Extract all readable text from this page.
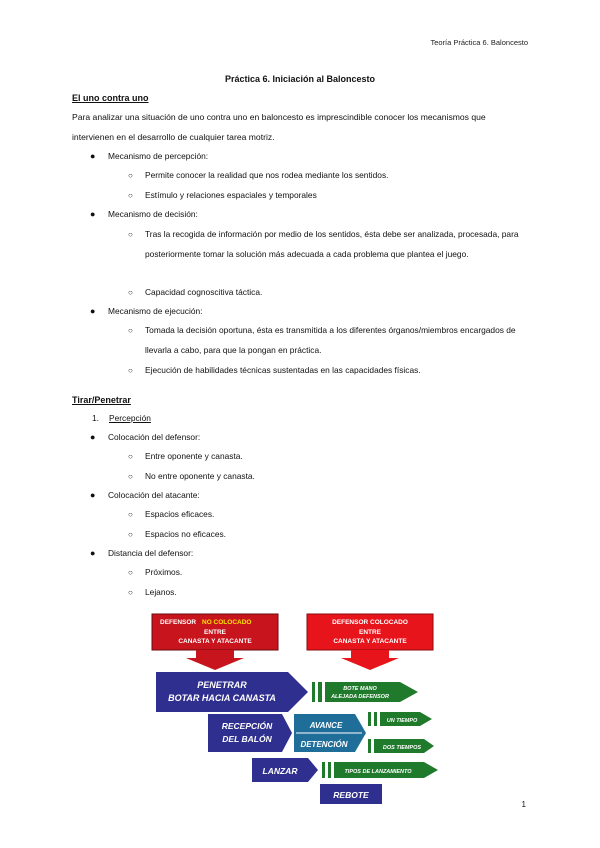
Teoría Práctica 6. Baloncesto
Práctica 6. Iniciación al Baloncesto
El uno contra uno
Para analizar una situación de uno contra uno en baloncesto es imprescindible conocer los mecanismos que intervienen en el desarrollo de cualquier tarea motriz.
● Mecanismo de percepción:
○ Permite conocer la realidad que nos rodea mediante los sentidos.
○ Estímulo y relaciones espaciales y temporales
● Mecanismo de decisión:
○ Tras la recogida de información por medio de los sentidos, ésta debe ser analizada, procesada, para posteriormente tomar la solución más adecuada a cada problema que plantea el juego.
○ Capacidad cognoscitiva táctica.
● Mecanismo de ejecución:
○ Tomada la decisión oportuna, ésta es transmitida a los diferentes órganos/miembros encargados de llevarla a cabo, para que la pongan en práctica.
○ Ejecución de habilidades técnicas sustentadas en las capacidades físicas.
Tirar/Penetrar
1. Percepción
● Colocación del defensor:
○ Entre oponente y canasta.
○ No entre oponente y canasta.
● Colocación del atacante:
○ Espacios eficaces.
○ Espacios no eficaces.
● Distancia del defensor:
○ Próximos.
○ Lejanos.
DEFENSOR NO COLOCADO
ENTRE
CANASTA Y ATACANTE
DEFENSOR COLOCADO
ENTRE
CANASTA Y ATACANTE
PENETRAR
BOTAR HACIA CANASTA
BOTE MANO
ALEJADA DEFENSOR
RECEPCIÓN
DEL BALÓN
AVANCE
DETENCIÓN
UN TIEMPO
DOS TIEMPOS
LANZAR	TIPOS DE LANZAMIENTO
REBOTE
1
